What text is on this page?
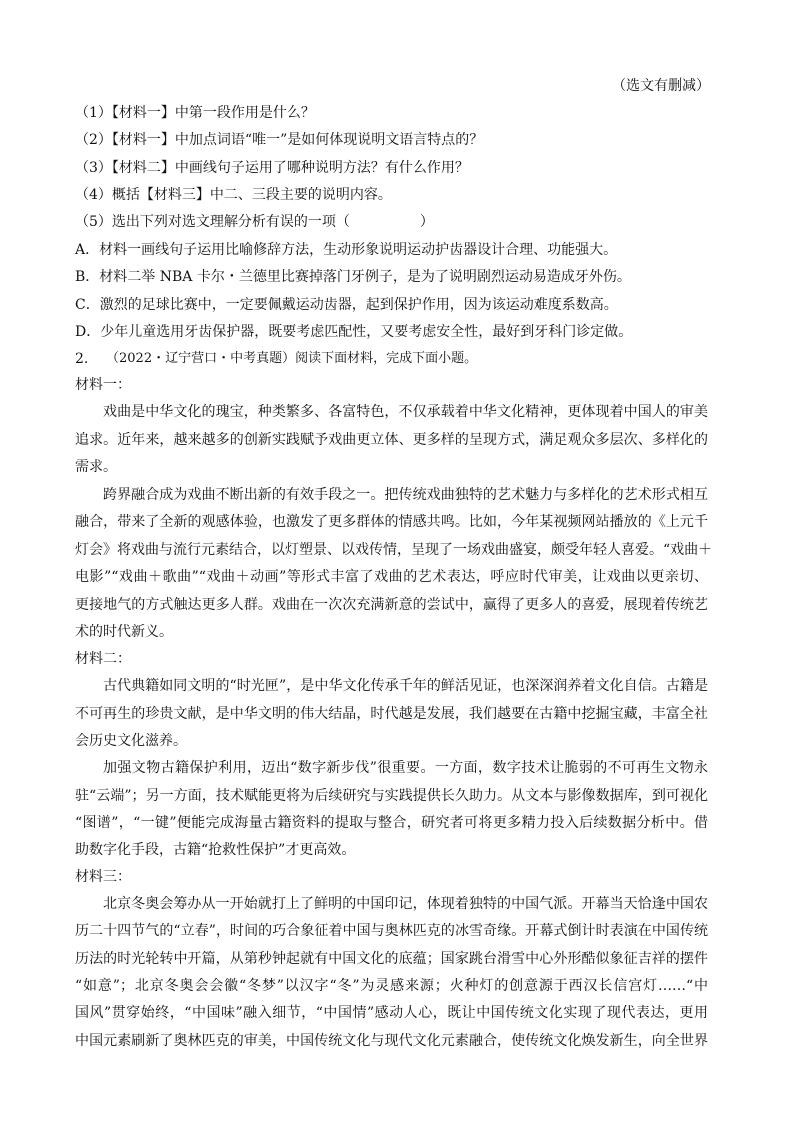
（选文有删减）
（1）【材料一】中第一段作用是什么？
（2）【材料一】中加点词语“唯一”是如何体现说明文语言特点的？
（3）【材料二】中画线句子运用了哪种说明方法？有什么作用？
（4）概括【材料三】中二、三段主要的说明内容。
（5）选出下列对选文理解分析有误的一项（　　　　　）
A．材料一画线句子运用比喻修辞方法，生动形象说明运动护齿器设计合理、功能强大。
B．材料二举 NBA 卡尔・兰德里比赛掉落门牙例子，是为了说明剧烈运动易造成牙外伤。
C．激烈的足球比赛中，一定要佩戴运动齿器，起到保护作用，因为该运动难度系数高。
D．少年儿童选用牙齿保护器，既要考虑匹配性，又要考虑安全性，最好到牙科门诊定做。
2. （2022・辽宁营口・中考真题）阅读下面材料，完成下面小题。
材料一：
戏曲是中华文化的瑰宝，种类繁多、各富特色，不仅承载着中华文化精神，更体现着中国人的审美
追求。近年来，越来越多的创新实践赋予戏曲更立体、更多样的呈现方式，满足观众多层次、多样化的
需求。
跨界融合成为戏曲不断出新的有效手段之一。把传统戏曲独特的艺术魅力与多样化的艺术形式相互
融合，带来了全新的观感体验，也激发了更多群体的情感共鸣。比如，今年某视频网站播放的《上元千
灯会》将戏曲与流行元素结合，以灯塑景、以戏传情，呈现了一场戏曲盛宴，颇受年轻人喜爱。“戏曲＋
电影”“戏曲＋歌曲”“戏曲＋动画”等形式丰富了戏曲的艺术表达，呼应时代审美，让戏曲以更亲切、
更接地气的方式触达更多人群。戏曲在一次次充满新意的尝试中，赢得了更多人的喜爱，展现着传统艺
术的时代新义。
材料二：
古代典籍如同文明的“时光匣”，是中华文化传承千年的鲜活见证，也深深润养着文化自信。古籍是
不可再生的珍贵文献，是中华文明的伟大结晶，时代越是发展，我们越要在古籍中挖掘宝藏，丰富全社
会历史文化滋养。
加强文物古籍保护利用，迈出“数字新步伐”很重要。一方面，数字技术让脆弱的不可再生文物永
驻“云端”；另一方面，技术赋能更将为后续研究与实践提供长久助力。从文本与影像数据库，到可视化
“图谱”，“一键”便能完成海量古籍资料的提取与整合，研究者可将更多精力投入后续数据分析中。借
助数字化手段，古籍“抢救性保护”才更高效。
材料三：
北京冬奥会筹办从一开始就打上了鲜明的中国印记，体现着独特的中国气派。开幕当天恰逢中国农
历二十四节气的“立春”，时间的巧合象征着中国与奥林匹克的冰雪奇缘。开幕式倒计时表演在中国传统
历法的时光轮转中开篇，从第秒钟起就有中国文化的底蕴；国家跳台滑雪中心外形酷似象征吉祥的摆件
“如意”；北京冬奥会会徽“冬梦”以汉字“冬”为灵感来源；火种灯的创意源于西汉长信宫灯……“中
国风”贯穿始终，“中国味”融入细节，“中国情”感动人心，既让中国传统文化实现了现代表达，更用
中国元素刷新了奥林匹克的审美，中国传统文化与现代文化元素融合，使传统文化焕发新生，向全世界
